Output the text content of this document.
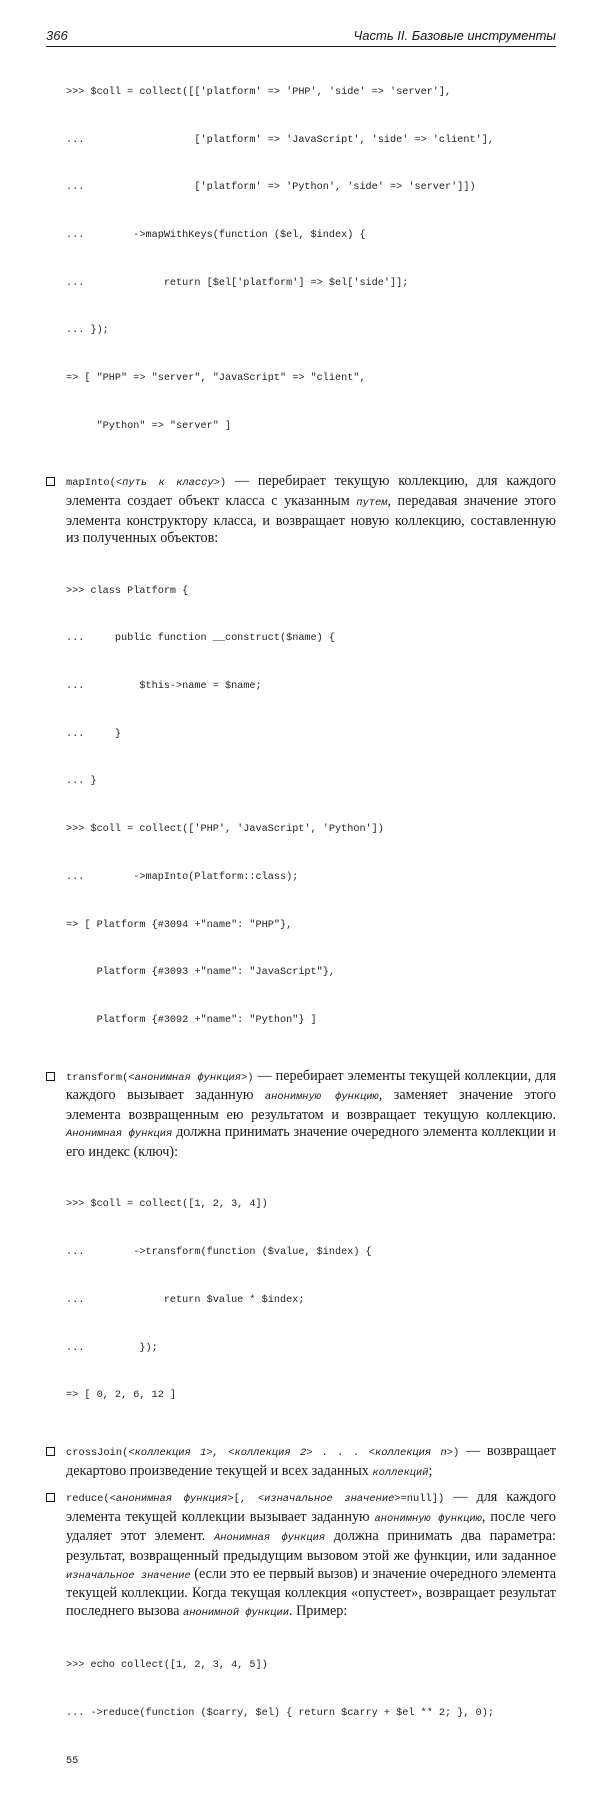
366	Часть II. Базовые инструменты

>>> $coll = collect([['platform' => 'PHP', 'side' => 'server'],

...                  ['platform' => 'JavaScript', 'side' => 'client'],

...                  ['platform' => 'Python', 'side' => 'server']])

...        ->mapWithKeys(function ($el, $index) {

...             return [$el['platform'] => $el['side']];

... });

=> [ "PHP" => "server", "JavaScript" => "client",

"Python" => "server" ]

mapInto(<путь к классу>) — перебирает текущую коллекцию, для каждого элемента создает объект класса с указанным путем, передавая значение этого элемента конструктору класса, и возвращает новую коллекцию, составленную из полученных объектов:

>>> class Platform {

...     public function __construct($name) {

...         $this->name = $name;

...     }

... }

>>> $coll = collect(['PHP', 'JavaScript', 'Python'])

...        ->mapInto(Platform::class);

=> [ Platform {#3094 +"name": "PHP"},

Platform {#3093 +"name": "JavaScript"},

Platform {#3092 +"name": "Python"} ]

transform(<анонимная функция>) — перебирает элементы текущей коллекции, для каждого вызывает заданную анонимную функцию, заменяет значение этого элемента возвращенным ею результатом и возвращает текущую коллекцию. Анонимная функция должна принимать значение очередного элемента коллекции и его индекс (ключ):

>>> $coll = collect([1, 2, 3, 4])

...        ->transform(function ($value, $index) {

...             return $value * $index;

...         });

=> [ 0, 2, 6, 12 ]

crossJoin(<коллекция 1>, <коллекция 2> . . . <коллекция n>) — возвращает декартово произведение текущей и всех заданных коллекций;
reduce(<анонимная функция>[, <изначальное значение>=null]) — для каждого элемента текущей коллекции вызывает заданную анонимную функцию, после чего удаляет этот элемент. Анонимная функция должна принимать два параметра: результат, возвращенный предыдущим вызовом этой же функции, или заданное изначальное значение (если это ее первый вызов) и значение очередного элемента текущей коллекции. Когда текущая коллекция «опустеет», возвращает результат последнего вызова анонимной функции. Пример:

>>> echo collect([1, 2, 3, 4, 5])

... ->reduce(function ($carry, $el) { return $carry + $el ** 2; }, 0);

55
